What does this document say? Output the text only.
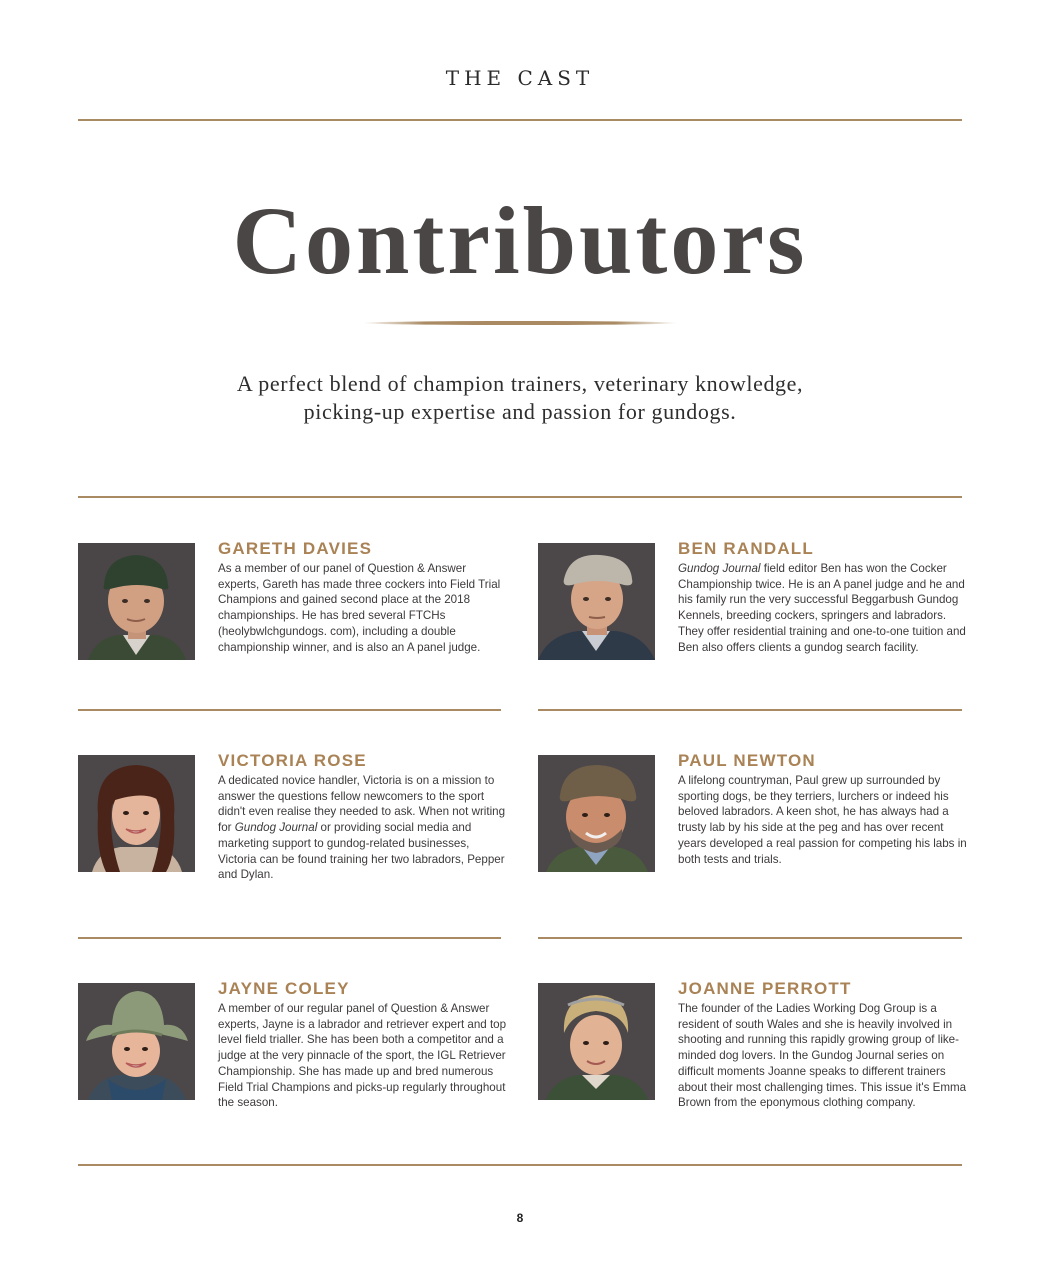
THE CAST
Contributors
A perfect blend of champion trainers, veterinary knowledge,
picking-up expertise and passion for gundogs.
GARETH DAVIES

As a member of our panel of Question & Answer experts, Gareth has made three cockers into Field Trial Champions and gained second place at the 2018 championships. He has bred several FTCHs (heolybwlchgundogs. com), including a double championship winner, and is also an A panel judge.

BEN RANDALL

Gundog Journal field editor Ben has won the Cocker Championship twice. He is an A panel judge and he and his family run the very successful Beggarbush Gundog Kennels, breeding cockers, springers and labradors. They offer residential training and one-to-one tuition and Ben also offers clients a gundog search facility.

VICTORIA ROSE

A dedicated novice handler, Victoria is on a mission to answer the questions fellow newcomers to the sport didn't even realise they needed to ask. When not writing for Gundog Journal or providing social media and marketing support to gundog-related businesses, Victoria can be found training her two labradors, Pepper and Dylan.

PAUL NEWTON

A lifelong countryman, Paul grew up surrounded by sporting dogs, be they terriers, lurchers or indeed his beloved labradors. A keen shot, he has always had a trusty lab by his side at the peg and has over recent years developed a real passion for competing his labs in both tests and trials.

JAYNE COLEY

A member of our regular panel of Question & Answer experts, Jayne is a labrador and retriever expert and top level field trialler. She has been both a competitor and a judge at the very pinnacle of the sport, the IGL Retriever Championship. She has made up and bred numerous Field Trial Champions and picks-up regularly throughout the season.

JOANNE PERROTT

The founder of the Ladies Working Dog Group is a resident of south Wales and she is heavily involved in shooting and running this rapidly growing group of like-minded dog lovers. In the Gundog Journal series on difficult moments Joanne speaks to different trainers about their most challenging times. This issue it's Emma Brown from the eponymous clothing company.

8
